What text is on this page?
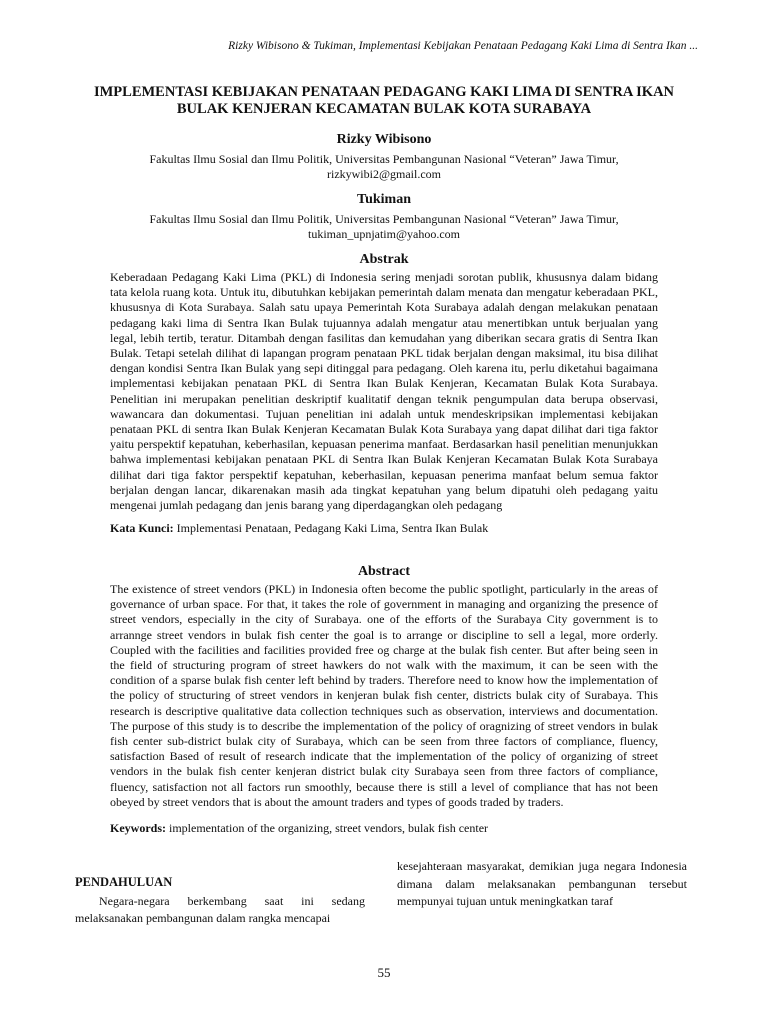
Rizky Wibisono & Tukiman, Implementasi Kebijakan Penataan Pedagang Kaki Lima di Sentra Ikan ...
IMPLEMENTASI KEBIJAKAN PENATAAN PEDAGANG KAKI LIMA DI SENTRA IKAN BULAK KENJERAN KECAMATAN BULAK KOTA SURABAYA
Rizky Wibisono
Fakultas Ilmu Sosial dan Ilmu Politik, Universitas Pembangunan Nasional “Veteran” Jawa Timur,
rizkywibi2@gmail.com
Tukiman
Fakultas Ilmu Sosial dan Ilmu Politik, Universitas Pembangunan Nasional “Veteran” Jawa Timur,
tukiman_upnjatim@yahoo.com
Abstrak
Keberadaan Pedagang Kaki Lima (PKL) di Indonesia sering menjadi sorotan publik, khususnya dalam bidang tata kelola ruang kota. Untuk itu, dibutuhkan kebijakan pemerintah dalam menata dan mengatur keberadaan PKL, khususnya di Kota Surabaya. Salah satu upaya Pemerintah Kota Surabaya adalah dengan melakukan penataan pedagang kaki lima di Sentra Ikan Bulak tujuannya adalah mengatur atau menertibkan untuk berjualan yang legal, lebih tertib, teratur. Ditambah dengan fasilitas dan kemudahan yang diberikan secara gratis di Sentra Ikan Bulak. Tetapi setelah dilihat di lapangan program penataan PKL tidak berjalan dengan maksimal, itu bisa dilihat dengan kondisi Sentra Ikan Bulak yang sepi ditinggal para pedagang. Oleh karena itu, perlu diketahui bagaimana implementasi kebijakan penataan PKL di Sentra Ikan Bulak Kenjeran, Kecamatan Bulak Kota Surabaya. Penelitian ini merupakan penelitian deskriptif kualitatif dengan teknik pengumpulan data berupa observasi, wawancara dan dokumentasi. Tujuan penelitian ini adalah untuk mendeskripsikan implementasi kebijakan penataan PKL di sentra Ikan Bulak Kenjeran Kecamatan Bulak Kota Surabaya yang dapat dilihat dari tiga faktor yaitu perspektif kepatuhan, keberhasilan, kepuasan penerima manfaat. Berdasarkan hasil penelitian menunjukkan bahwa implementasi kebijakan penataan PKL di Sentra Ikan Bulak Kenjeran Kecamatan Bulak Kota Surabaya dilihat dari tiga faktor perspektif kepatuhan, keberhasilan, kepuasan penerima manfaat belum semua faktor berjalan dengan lancar, dikarenakan masih ada tingkat kepatuhan yang belum dipatuhi oleh pedagang yaitu mengenai jumlah pedagang dan jenis barang yang diperdagangkan oleh pedagang
Kata Kunci: Implementasi Penataan, Pedagang Kaki Lima, Sentra Ikan Bulak
Abstract
The existence of street vendors (PKL) in Indonesia often become the public spotlight, particularly in the areas of governance of urban space. For that, it takes the role of government in managing and organizing the presence of street vendors, especially in the city of Surabaya. one of the efforts of the Surabaya City government is to arrannge street vendors in bulak fish center the goal is to arrange or discipline to sell a legal, more orderly. Coupled with the facilities and facilities provided free og charge at the bulak fish center. But after being seen in the field of structuring program of street hawkers do not walk with the maximum, it can be seen with the condition of a sparse bulak fish center left behind by traders. Therefore need to know how the implementation of the policy of structuring of street vendors in kenjeran bulak fish center, districts bulak city of Surabaya. This research is descriptive qualitative data collection techniques such as observation, interviews and documentation. The purpose of this study is to describe the implementation of the policy of oragnizing of street vendors in bulak fish center sub-district bulak city of Surabaya, which can be seen from three factors of compliance, fluency, satisfaction Based of result of research indicate that the implementation of the policy of organizing of street vendors in the bulak fish center kenjeran district bulak city Surabaya seen from three factors of compliance, fluency, satisfaction not all factors run smoothly, because there is still a level of compliance that has not been obeyed by street vendors that is about the amount traders and types of goods traded by traders.
Keywords: implementation of the organizing, street vendors, bulak fish center
PENDAHULUAN
Negara-negara berkembang saat ini sedang melaksanakan pembangunan dalam rangka mencapai
kesejahteraan masyarakat, demikian juga negara Indonesia dimana dalam melaksanakan pembangunan tersebut mempunyai tujuan untuk meningkatkan taraf
55
